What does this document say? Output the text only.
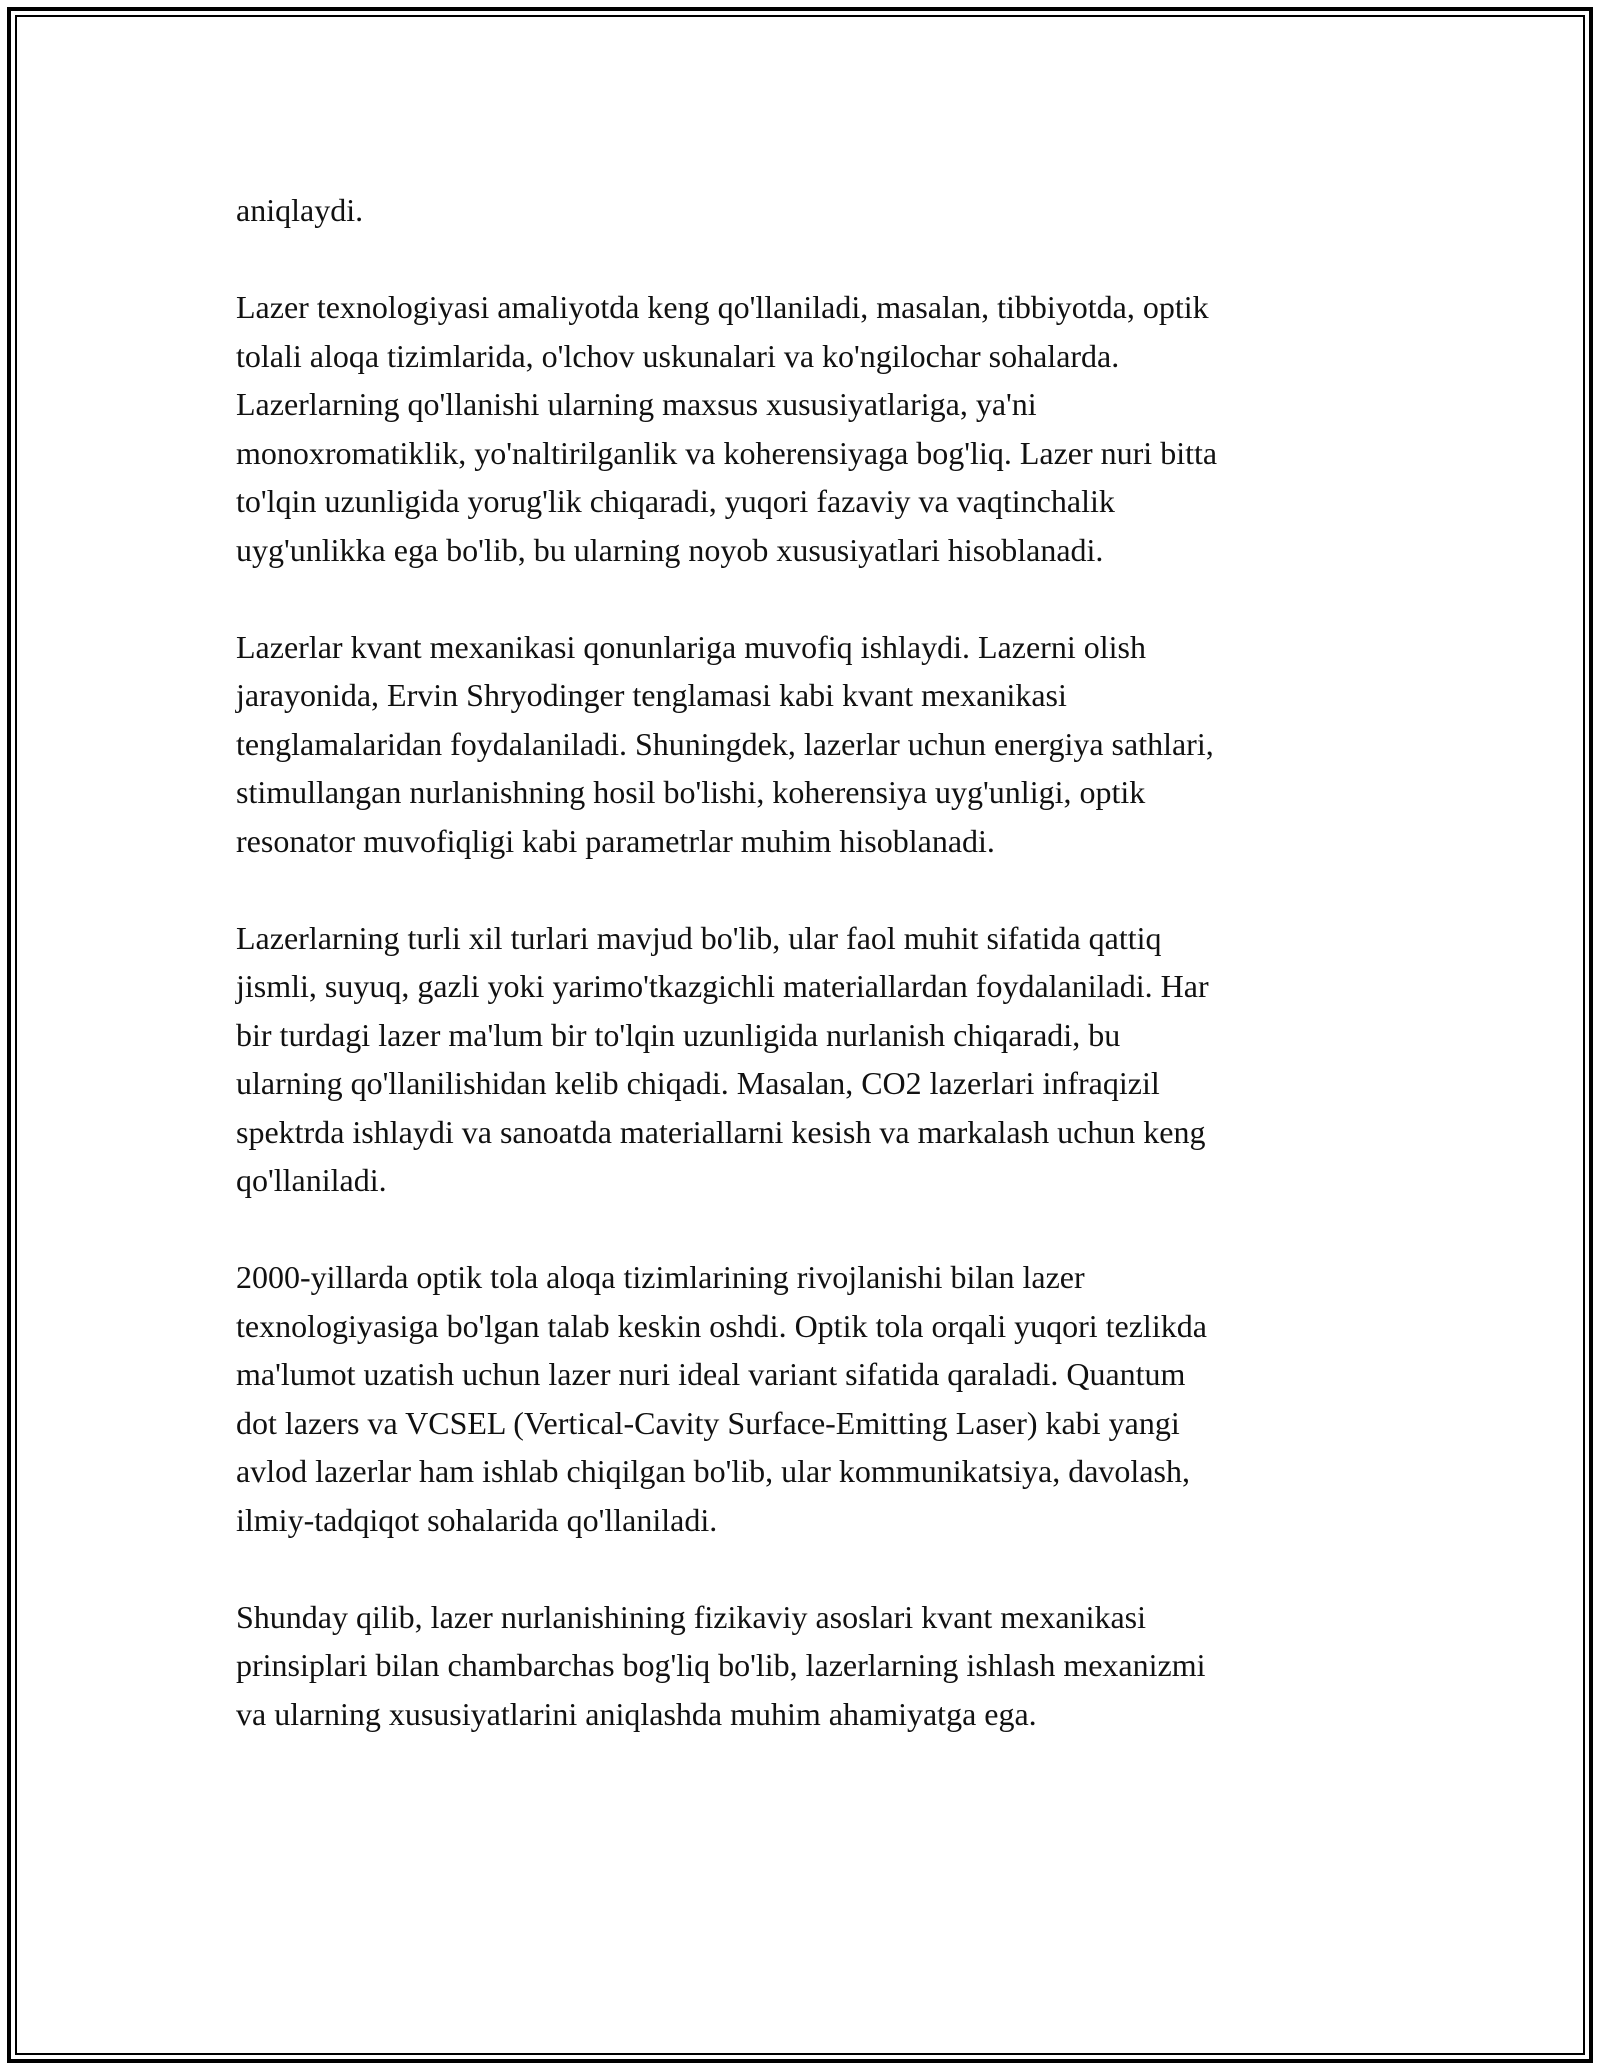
aniqlaydi.

Lazer texnologiyasi amaliyotda keng qo'llaniladi, masalan, tibbiyotda, optik
tolali aloqa tizimlarida, o'lchov uskunalari va ko'ngilochar sohalarda.
Lazerlarning qo'llanishi ularning maxsus xususiyatlariga, ya'ni
monoxromatiklik, yo'naltirilganlik va koherensiyaga bog'liq. Lazer nuri bitta
to'lqin uzunligida yorug'lik chiqaradi, yuqori fazaviy va vaqtinchalik
uyg'unlikka ega bo'lib, bu ularning noyob xususiyatlari hisoblanadi.

Lazerlar kvant mexanikasi qonunlariga muvofiq ishlaydi. Lazerni olish
jarayonida, Ervin Shryodinger tenglamasi kabi kvant mexanikasi
tenglamalaridan foydalaniladi. Shuningdek, lazerlar uchun energiya sathlari,
stimullangan nurlanishning hosil bo'lishi, koherensiya uyg'unligi, optik
resonator muvofiqligi kabi parametrlar muhim hisoblanadi.

Lazerlarning turli xil turlari mavjud bo'lib, ular faol muhit sifatida qattiq
jismli, suyuq, gazli yoki yarimo'tkazgichli materiallardan foydalaniladi. Har
bir turdagi lazer ma'lum bir to'lqin uzunligida nurlanish chiqaradi, bu
ularning qo'llanilishidan kelib chiqadi. Masalan, CO2 lazerlari infraqizil
spektrda ishlaydi va sanoatda materiallarni kesish va markalash uchun keng
qo'llaniladi.

2000-yillarda optik tola aloqa tizimlarining rivojlanishi bilan lazer
texnologiyasiga bo'lgan talab keskin oshdi. Optik tola orqali yuqori tezlikda
ma'lumot uzatish uchun lazer nuri ideal variant sifatida qaraladi. Quantum
dot lazers va VCSEL (Vertical-Cavity Surface-Emitting Laser) kabi yangi
avlod lazerlar ham ishlab chiqilgan bo'lib, ular kommunikatsiya, davolash,
ilmiy-tadqiqot sohalarida qo'llaniladi.

Shunday qilib, lazer nurlanishining fizikaviy asoslari kvant mexanikasi
prinsiplari bilan chambarchas bog'liq bo'lib, lazerlarning ishlash mexanizmi
va ularning xususiyatlarini aniqlashda muhim ahamiyatga ega.
